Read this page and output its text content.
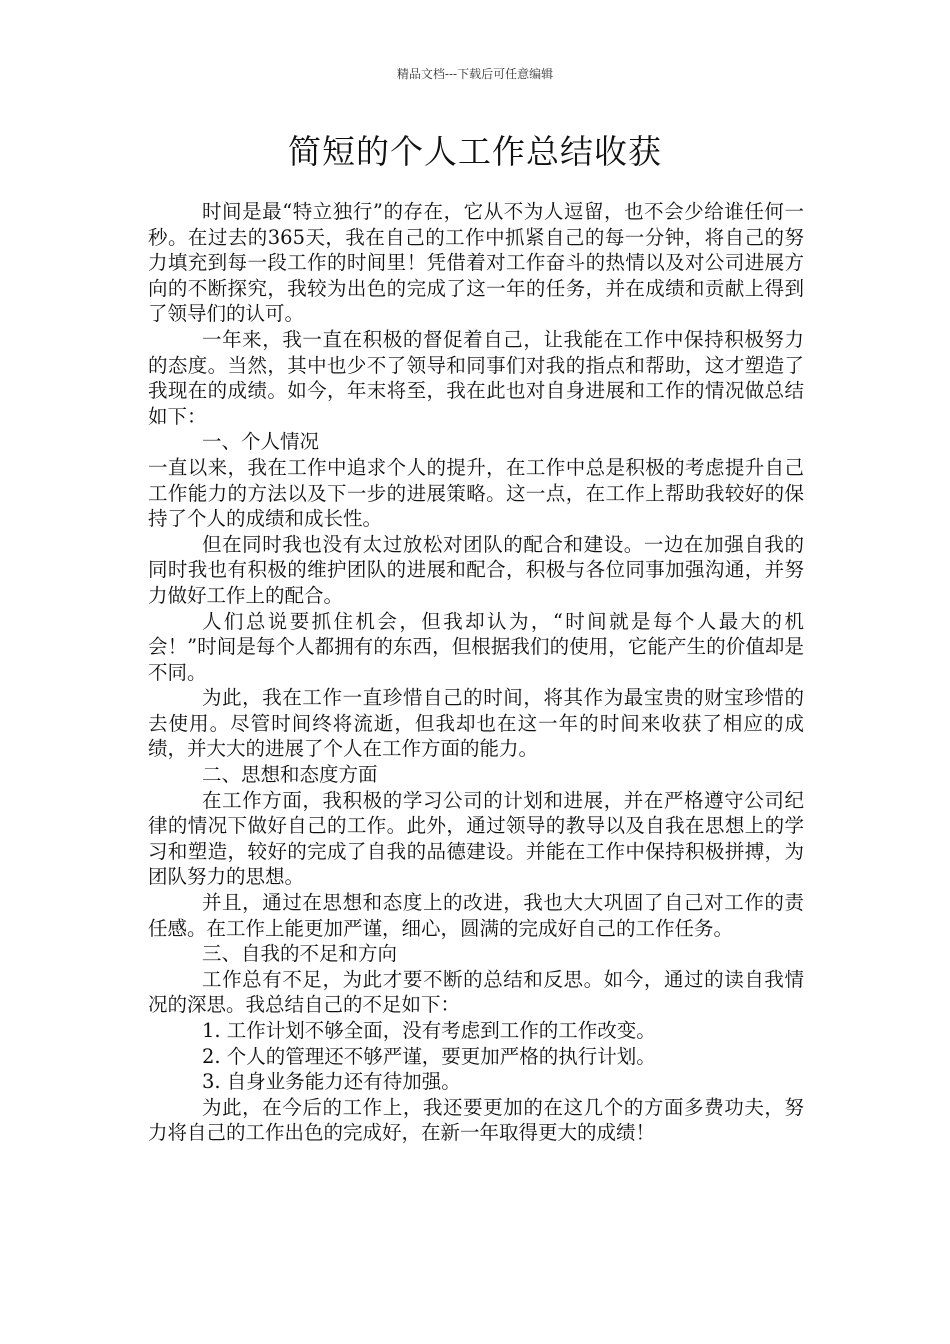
精品文档---下载后可任意编辑
简短的个人工作总结收获

时间是最“特立独行”的存在，它从不为人逗留，也不会少给谁任何一秒。在过去的365天，我在自己的工作中抓紧自己的每一分钟，将自己的努力填充到每一段工作的时间里！凭借着对工作奋斗的热情以及对公司进展方向的不断探究，我较为出色的完成了这一年的任务，并在成绩和贡献上得到了领导们的认可。

一年来，我一直在积极的督促着自己，让我能在工作中保持积极努力的态度。当然，其中也少不了领导和同事们对我的指点和帮助，这才塑造了我现在的成绩。如今，年末将至，我在此也对自身进展和工作的情况做总结如下：

一、个人情况

一直以来，我在工作中追求个人的提升，在工作中总是积极的考虑提升自己工作能力的方法以及下一步的进展策略。这一点，在工作上帮助我较好的保持了个人的成绩和成长性。

但在同时我也没有太过放松对团队的配合和建设。一边在加强自我的同时我也有积极的维护团队的进展和配合，积极与各位同事加强沟通，并努力做好工作上的配合。

人们总说要抓住机会，但我却认为，“时间就是每个人最大的机会！”时间是每个人都拥有的东西，但根据我们的使用，它能产生的价值却是不同。

为此，我在工作一直珍惜自己的时间，将其作为最宝贵的财宝珍惜的去使用。尽管时间终将流逝，但我却也在这一年的时间来收获了相应的成绩，并大大的进展了个人在工作方面的能力。

二、思想和态度方面

在工作方面，我积极的学习公司的计划和进展，并在严格遵守公司纪律的情况下做好自己的工作。此外，通过领导的教导以及自我在思想上的学习和塑造，较好的完成了自我的品德建设。并能在工作中保持积极拼搏，为团队努力的思想。

并且，通过在思想和态度上的改进，我也大大巩固了自己对工作的责任感。在工作上能更加严谨，细心，圆满的完成好自己的工作任务。

三、自我的不足和方向

工作总有不足，为此才要不断的总结和反思。如今，通过的读自我情况的深思。我总结自己的不足如下：

1. 工作计划不够全面，没有考虑到工作的工作改变。

2. 个人的管理还不够严谨，要更加严格的执行计划。

3. 自身业务能力还有待加强。

为此，在今后的工作上，我还要更加的在这几个的方面多费功夫，努力将自己的工作出色的完成好，在新一年取得更大的成绩！
